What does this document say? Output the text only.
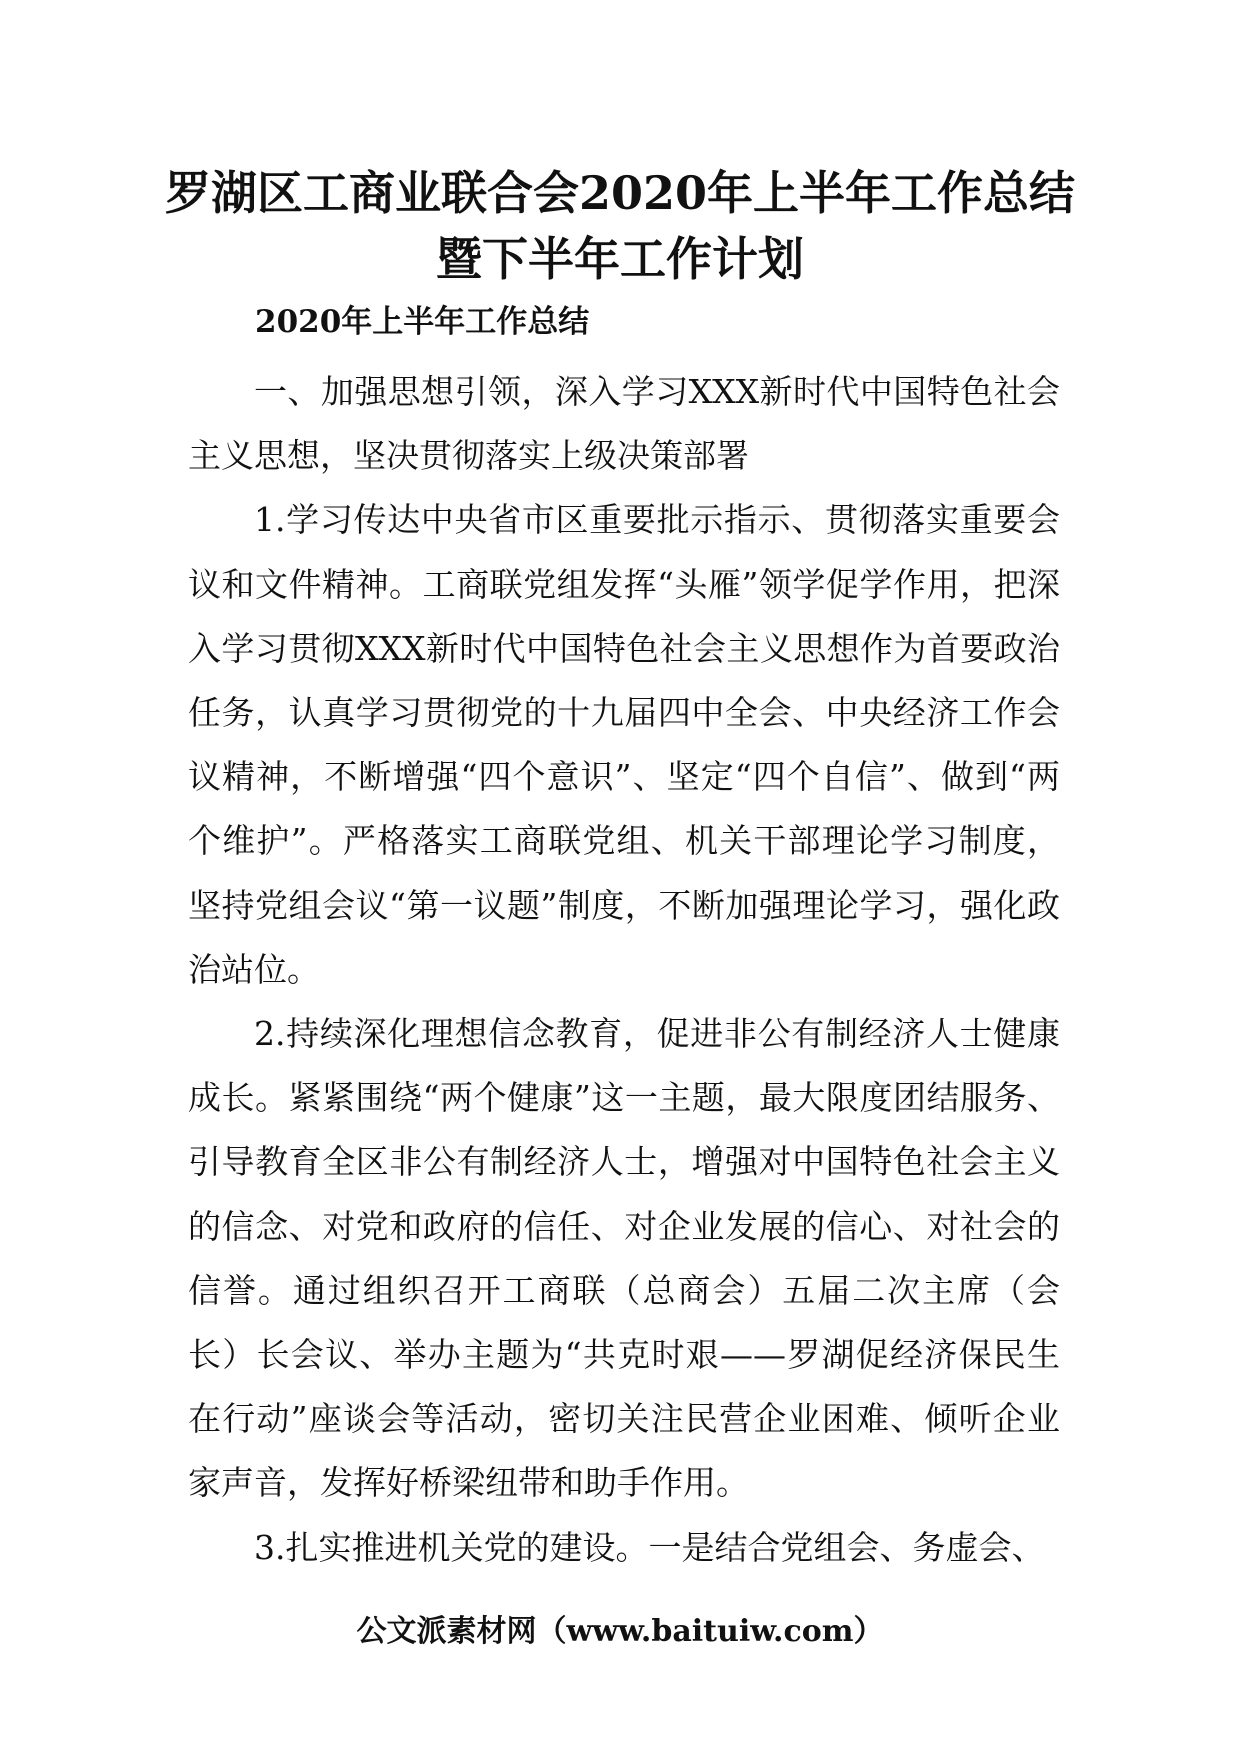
罗湖区工商业联合会2020年上半年工作总结暨下半年工作计划
2020年上半年工作总结

一、加强思想引领，深入学习XXX新时代中国特色社会主义思想，坚决贯彻落实上级决策部署

1.学习传达中央省市区重要批示指示、贯彻落实重要会议和文件精神。工商联党组发挥“头雁”领学促学作用，把深入学习贯彻XXX新时代中国特色社会主义思想作为首要政治任务，认真学习贯彻党的十九届四中全会、中央经济工作会议精神，不断增强“四个意识”、坚定“四个自信”、做到“两个维护”。严格落实工商联党组、机关干部理论学习制度，坚持党组会议“第一议题”制度，不断加强理论学习，强化政治站位。

2.持续深化理想信念教育，促进非公有制经济人士健康成长。紧紧围绕“两个健康”这一主题，最大限度团结服务、引导教育全区非公有制经济人士，增强对中国特色社会主义的信念、对党和政府的信任、对企业发展的信心、对社会的信誉。通过组织召开工商联（总商会）五届二次主席（会长）长会议、举办主题为“共克时艰——罗湖促经济保民生在行动”座谈会等活动，密切关注民营企业困难、倾听企业家声音，发挥好桥梁纽带和助手作用。

3.扎实推进机关党的建设。一是结合党组会、务虚会、

公文派素材网（www.baituiw.com）
